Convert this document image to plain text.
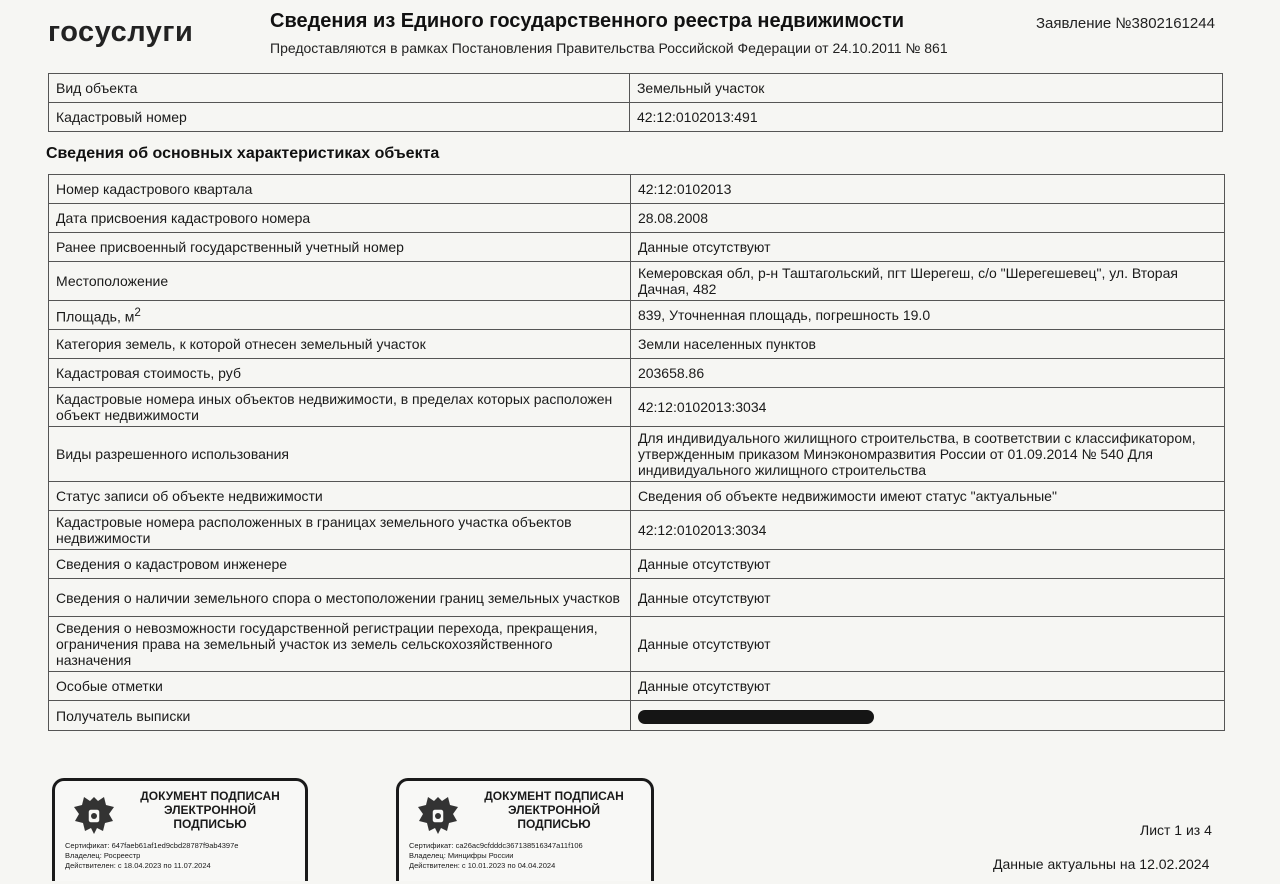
госуслуги	Сведения из Единого государственного реестра недвижимости
Предоставляются в рамках Постановления Правительства Российской Федерации от 24.10.2011 № 861
Заявление №3802161244
Вид объекта	Земельный участок
Кадастровый номер	42:12:0102013:491
Сведения об основных характеристиках объекта
Номер кадастрового квартала	42:12:0102013
Дата присвоения кадастрового номера	28.08.2008
Ранее присвоенный государственный учетный номер	Данные отсутствуют
Местоположение	Кемеровская обл, р-н Таштагольский, пгт Шерегеш, с/о "Шерегешевец", ул. Вторая Дачная, 482
Площадь, $м^2$	839, Уточненная площадь, погрешность 19.0
Категория земель, к которой отнесен земельный участок	Земли населенных пунктов
Кадастровая стоимость, руб	203658.86
Кадастровые номера иных объектов недвижимости, в пределах которых расположен объект недвижимости	42:12:0102013:3034
Виды разрешенного использования	Для индивидуального жилищного строительства, в соответствии с классификатором, утвержденным приказом Минэкономразвития России от 01.09.2014 № 540 Для индивидуального жилищного строительства
Статус записи об объекте недвижимости	Сведения об объекте недвижимости имеют статус "актуальные"
Кадастровые номера расположенных в границах земельного участка объектов недвижимости	42:12:0102013:3034
Сведения о кадастровом инженере	Данные отсутствуют
Сведения о наличии земельного спора о местоположении границ земельных участков	Данные отсутствуют
Сведения о невозможности государственной регистрации перехода, прекращения, ограничения права на земельный участок из земель сельскохозяйственного назначения	Данные отсутствуют
Особые отметки	Данные отсутствуют
Получатель выписки	
ДОКУМЕНТ ПОДПИСАН
ЭЛЕКТРОННОЙ
ПОДПИСЬЮ
Сертификат: 647faeb61af1ed9cbd28787f9ab4397e
Владелец: Росреестр
Действителен: с 18.04.2023 по 11.07.2024
ДОКУМЕНТ ПОДПИСАН
ЭЛЕКТРОННОЙ
ПОДПИСЬЮ
Сертификат: ca26ac9cfdddc367138516347a11f106
Владелец: Минцифры России
Действителен: с 10.01.2023 по 04.04.2024
Лист 1 из 4
Данные актуальны на 12.02.2024
